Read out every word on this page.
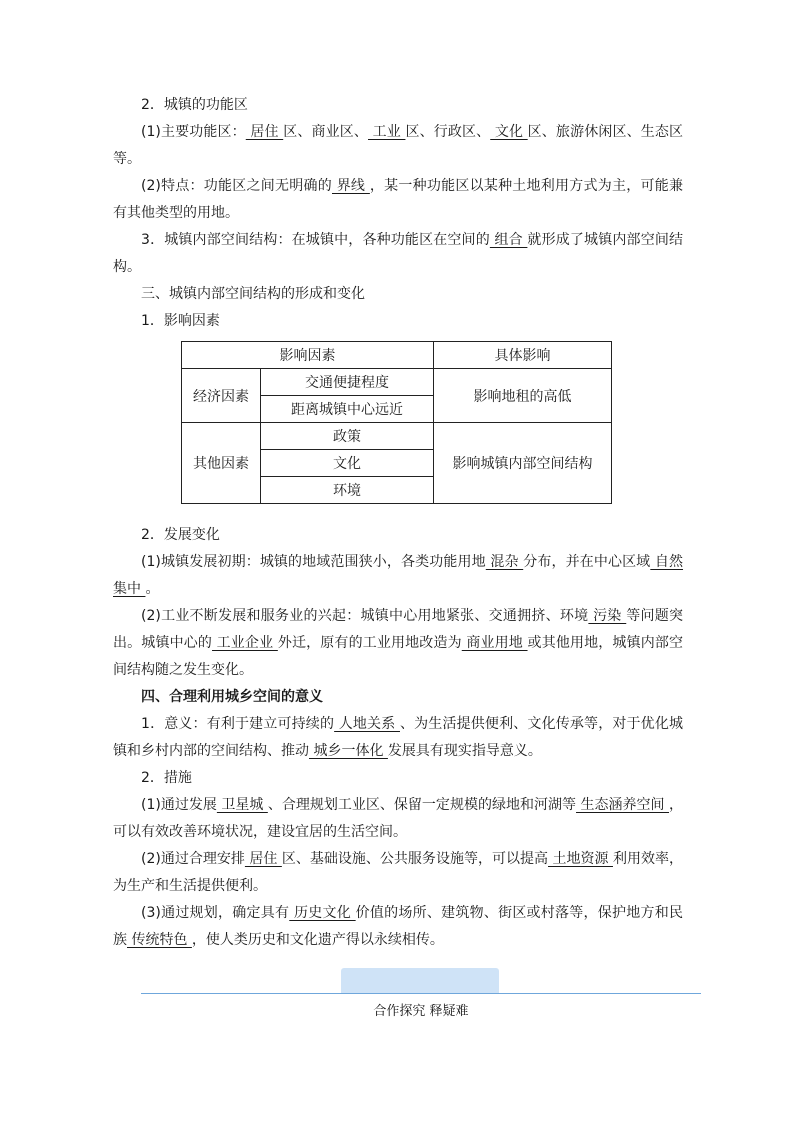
2．城镇的功能区

(1)主要功能区： 居住 区、商业区、 工业 区、行政区、 文化 区、旅游休闲区、生态区等。

(2)特点：功能区之间无明确的 界线 ，某一种功能区以某种土地利用方式为主，可能兼有其他类型的用地。

3．城镇内部空间结构：在城镇中，各种功能区在空间的 组合 就形成了城镇内部空间结构。

三、城镇内部空间结构的形成和变化

1．影响因素

影响因素		具体影响
经济因素	交通便捷程度	影响地租的高低
	距离城镇中心远近	
其他因素	政策	影响城镇内部空间结构
	文化	
	环境	

2．发展变化

(1)城镇发展初期：城镇的地域范围狭小，各类功能用地 混杂 分布，并在中心区域 自然集中 。

(2)工业不断发展和服务业的兴起：城镇中心用地紧张、交通拥挤、环境 污染 等问题突出。城镇中心的 工业企业 外迁，原有的工业用地改造为 商业用地 或其他用地，城镇内部空间结构随之发生变化。

四、合理利用城乡空间的意义

1．意义：有利于建立可持续的 人地关系 、为生活提供便利、文化传承等，对于优化城镇和乡村内部的空间结构、推动 城乡一体化 发展具有现实指导意义。

2．措施

(1)通过发展 卫星城 、合理规划工业区、保留一定规模的绿地和河湖等 生态涵养空间 ，可以有效改善环境状况，建设宜居的生活空间。

(2)通过合理安排 居住 区、基础设施、公共服务设施等，可以提高 土地资源 利用效率，为生产和生活提供便利。

(3)通过规划，确定具有 历史文化 价值的场所、建筑物、街区或村落等，保护地方和民族 传统特色 ，使人类历史和文化遗产得以永续相传。

合作探究 释疑难
